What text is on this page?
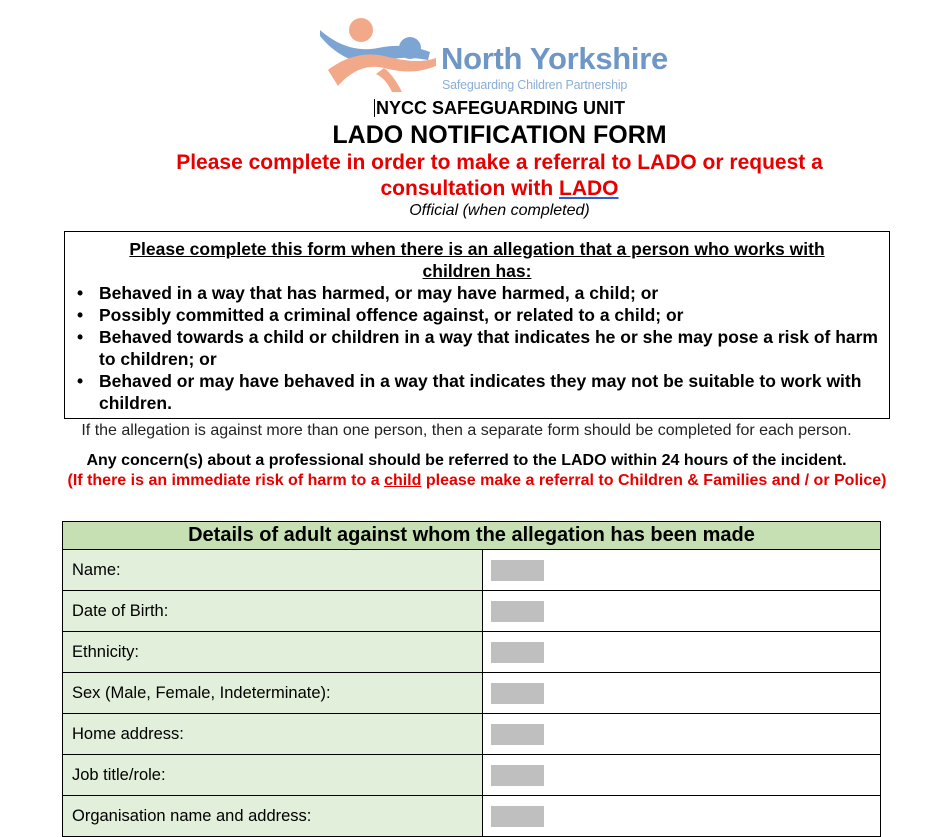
North Yorkshire
Safeguarding Children Partnership
NYCC SAFEGUARDING UNIT
LADO NOTIFICATION FORM
Please complete in order to make a referral to LADO or request a
consultation with LADO
Official (when completed)
Please complete this form when there is an allegation that a person who works with
children has:
• Behaved in a way that has harmed, or may have harmed, a child; or
• Possibly committed a criminal offence against, or related to a child; or
• Behaved towards a child or children in a way that indicates he or she may pose a risk of harm to children; or
• Behaved or may have behaved in a way that indicates they may not be suitable to work with children.
If the allegation is against more than one person, then a separate form should be completed for each person.
Any concern(s) about a professional should be referred to the LADO within 24 hours of the incident.
(If there is an immediate risk of harm to a child please make a referral to Children & Families and / or Police)
Details of adult against whom the allegation has been made
Name:
Date of Birth:
Ethnicity:
Sex (Male, Female, Indeterminate):
Home address:
Job title/role:
Organisation name and address:
